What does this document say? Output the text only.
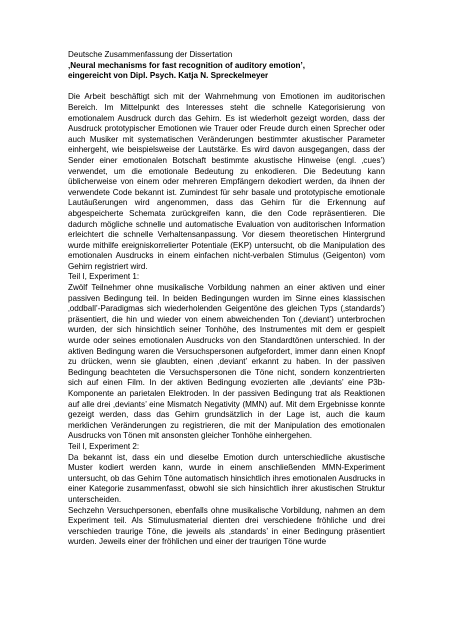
Deutsche Zusammenfassung der Dissertation

‚Neural mechanisms for fast recognition of auditory emotion’,

eingereicht von Dipl. Psych. Katja N. Spreckelmeyer

Die Arbeit beschäftigt sich mit der Wahrnehmung von Emotionen im auditorischen Bereich. Im Mittelpunkt des Interesses steht die schnelle Kategorisierung von emotionalem Ausdruck durch das Gehirn. Es ist wiederholt gezeigt worden, dass der Ausdruck prototypischer Emotionen wie Trauer oder Freude durch einen Sprecher oder auch Musiker mit systematischen Veränderungen bestimmter akustischer Parameter einhergeht, wie beispielsweise der Lautstärke. Es wird davon ausgegangen, dass der Sender einer emotionalen Botschaft bestimmte akustische Hinweise (engl. ‚cues’) verwendet, um die emotionale Bedeutung zu enkodieren. Die Bedeutung kann üblicherweise von einem oder mehreren Empfängern dekodiert werden, da ihnen der verwendete Code bekannt ist. Zumindest für sehr basale und prototypische emotionale Lautäußerungen wird angenommen, dass das Gehirn für die Erkennung auf abgespeicherte Schemata zurückgreifen kann, die den Code repräsentieren. Die dadurch mögliche schnelle und automatische Evaluation von auditorischen Information erleichtert die schnelle Verhaltensanpassung. Vor diesem theoretischen Hintergrund wurde mithilfe ereigniskorrelierter Potentiale (EKP) untersucht, ob die Manipulation des emotionalen Ausdrucks in einem einfachen nicht-verbalen Stimulus (Geigenton) vom Gehirn registriert wird.

Teil I, Experiment 1:

Zwölf Teilnehmer ohne musikalische Vorbildung nahmen an einer aktiven und einer passiven Bedingung teil. In beiden Bedingungen wurden im Sinne eines klassischen ‚oddball’-Paradigmas sich wiederholenden Geigentöne des gleichen Typs (‚standards’) präsentiert, die hin und wieder von einem abweichenden Ton (‚deviant’) unterbrochen wurden, der sich hinsichtlich seiner Tonhöhe, des Instrumentes mit dem er gespielt wurde oder seines emotionalen Ausdrucks von den Standardtönen unterschied. In der aktiven Bedingung waren die Versuchspersonen aufgefordert, immer dann einen Knopf zu drücken, wenn sie glaubten, einen ‚deviant’ erkannt zu haben. In der passiven Bedingung beachteten die Versuchspersonen die Töne nicht, sondern konzentrierten sich auf einen Film. In der aktiven Bedingung evozierten alle ‚deviants’ eine P3b-Komponente an parietalen Elektroden. In der passiven Bedingung trat als Reaktionen auf alle drei ‚deviants’ eine Mismatch Negativity (MMN) auf. Mit dem Ergebnisse konnte gezeigt werden, dass das Gehirn grundsätzlich in der Lage ist, auch die kaum merklichen Veränderungen zu registrieren, die mit der Manipulation des emotionalen Ausdrucks von Tönen mit ansonsten gleicher Tonhöhe einhergehen.

Teil I, Experiment 2:

Da bekannt ist, dass ein und dieselbe Emotion durch unterschiedliche akustische Muster kodiert werden kann, wurde in einem anschließenden MMN-Experiment untersucht, ob das Gehirn Töne automatisch hinsichtlich ihres emotionalen Ausdrucks in einer Kategorie zusammenfasst, obwohl sie sich hinsichtlich ihrer akustischen Struktur unterscheiden.

Sechzehn Versuchpersonen, ebenfalls ohne musikalische Vorbildung, nahmen an dem Experiment teil. Als Stimulusmaterial dienten drei verschiedene fröhliche und drei verschieden traurige Töne, die jeweils als ‚standards’ in einer Bedingung präsentiert wurden. Jeweils einer der fröhlichen und einer der traurigen Töne wurde
